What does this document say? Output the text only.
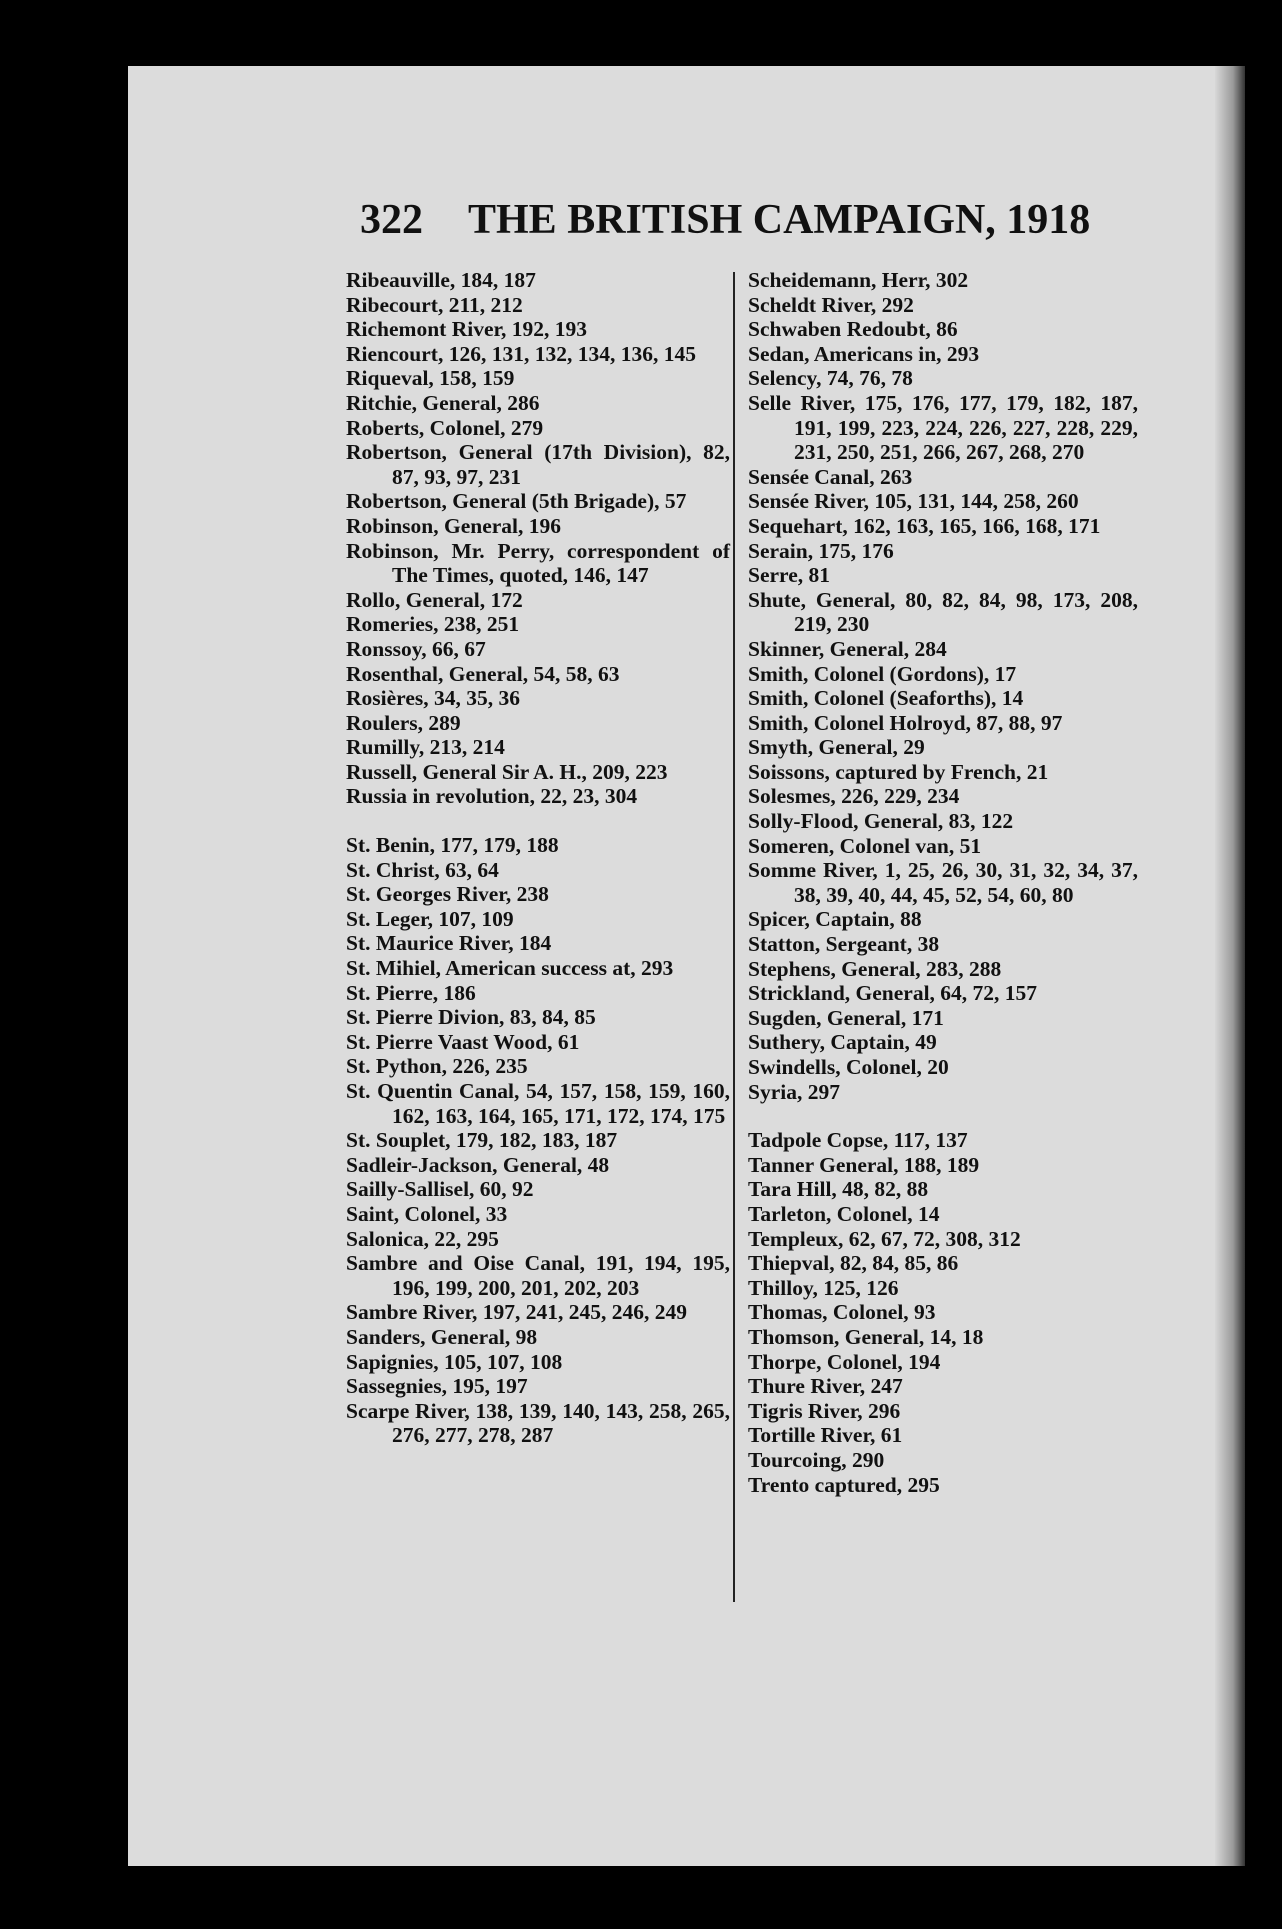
322 THE BRITISH CAMPAIGN, 1918

Ribeauville, 184, 187

Ribecourt, 211, 212

Richemont River, 192, 193

Riencourt, 126, 131, 132, 134, 136, 145

Riqueval, 158, 159

Ritchie, General, 286

Roberts, Colonel, 279

Robertson, General (17th Division), 82, 87, 93, 97, 231

Robertson, General (5th Brigade), 57

Robinson, General, 196

Robinson, Mr. Perry, correspondent of The Times, quoted, 146, 147

Rollo, General, 172

Romeries, 238, 251

Ronssoy, 66, 67

Rosenthal, General, 54, 58, 63

Rosières, 34, 35, 36

Roulers, 289

Rumilly, 213, 214

Russell, General Sir A. H., 209, 223

Russia in revolution, 22, 23, 304

St. Benin, 177, 179, 188

St. Christ, 63, 64

St. Georges River, 238

St. Leger, 107, 109

St. Maurice River, 184

St. Mihiel, American success at, 293

St. Pierre, 186

St. Pierre Divion, 83, 84, 85

St. Pierre Vaast Wood, 61

St. Python, 226, 235

St. Quentin Canal, 54, 157, 158, 159, 160, 162, 163, 164, 165, 171, 172, 174, 175

St. Souplet, 179, 182, 183, 187

Sadleir-Jackson, General, 48

Sailly-Sallisel, 60, 92

Saint, Colonel, 33

Salonica, 22, 295

Sambre and Oise Canal, 191, 194, 195, 196, 199, 200, 201, 202, 203

Sambre River, 197, 241, 245, 246, 249

Sanders, General, 98

Sapignies, 105, 107, 108

Sassegnies, 195, 197

Scarpe River, 138, 139, 140, 143, 258, 265, 276, 277, 278, 287

Scheidemann, Herr, 302

Scheldt River, 292

Schwaben Redoubt, 86

Sedan, Americans in, 293

Selency, 74, 76, 78

Selle River, 175, 176, 177, 179, 182, 187, 191, 199, 223, 224, 226, 227, 228, 229, 231, 250, 251, 266, 267, 268, 270

Sensée Canal, 263

Sensée River, 105, 131, 144, 258, 260

Sequehart, 162, 163, 165, 166, 168, 171

Serain, 175, 176

Serre, 81

Shute, General, 80, 82, 84, 98, 173, 208, 219, 230

Skinner, General, 284

Smith, Colonel (Gordons), 17

Smith, Colonel (Seaforths), 14

Smith, Colonel Holroyd, 87, 88, 97

Smyth, General, 29

Soissons, captured by French, 21

Solesmes, 226, 229, 234

Solly-Flood, General, 83, 122

Someren, Colonel van, 51

Somme River, 1, 25, 26, 30, 31, 32, 34, 37, 38, 39, 40, 44, 45, 52, 54, 60, 80

Spicer, Captain, 88

Statton, Sergeant, 38

Stephens, General, 283, 288

Strickland, General, 64, 72, 157

Sugden, General, 171

Suthery, Captain, 49

Swindells, Colonel, 20

Syria, 297

Tadpole Copse, 117, 137

Tanner General, 188, 189

Tara Hill, 48, 82, 88

Tarleton, Colonel, 14

Templeux, 62, 67, 72, 308, 312

Thiepval, 82, 84, 85, 86

Thilloy, 125, 126

Thomas, Colonel, 93

Thomson, General, 14, 18

Thorpe, Colonel, 194

Thure River, 247

Tigris River, 296

Tortille River, 61

Tourcoing, 290

Trento captured, 295
